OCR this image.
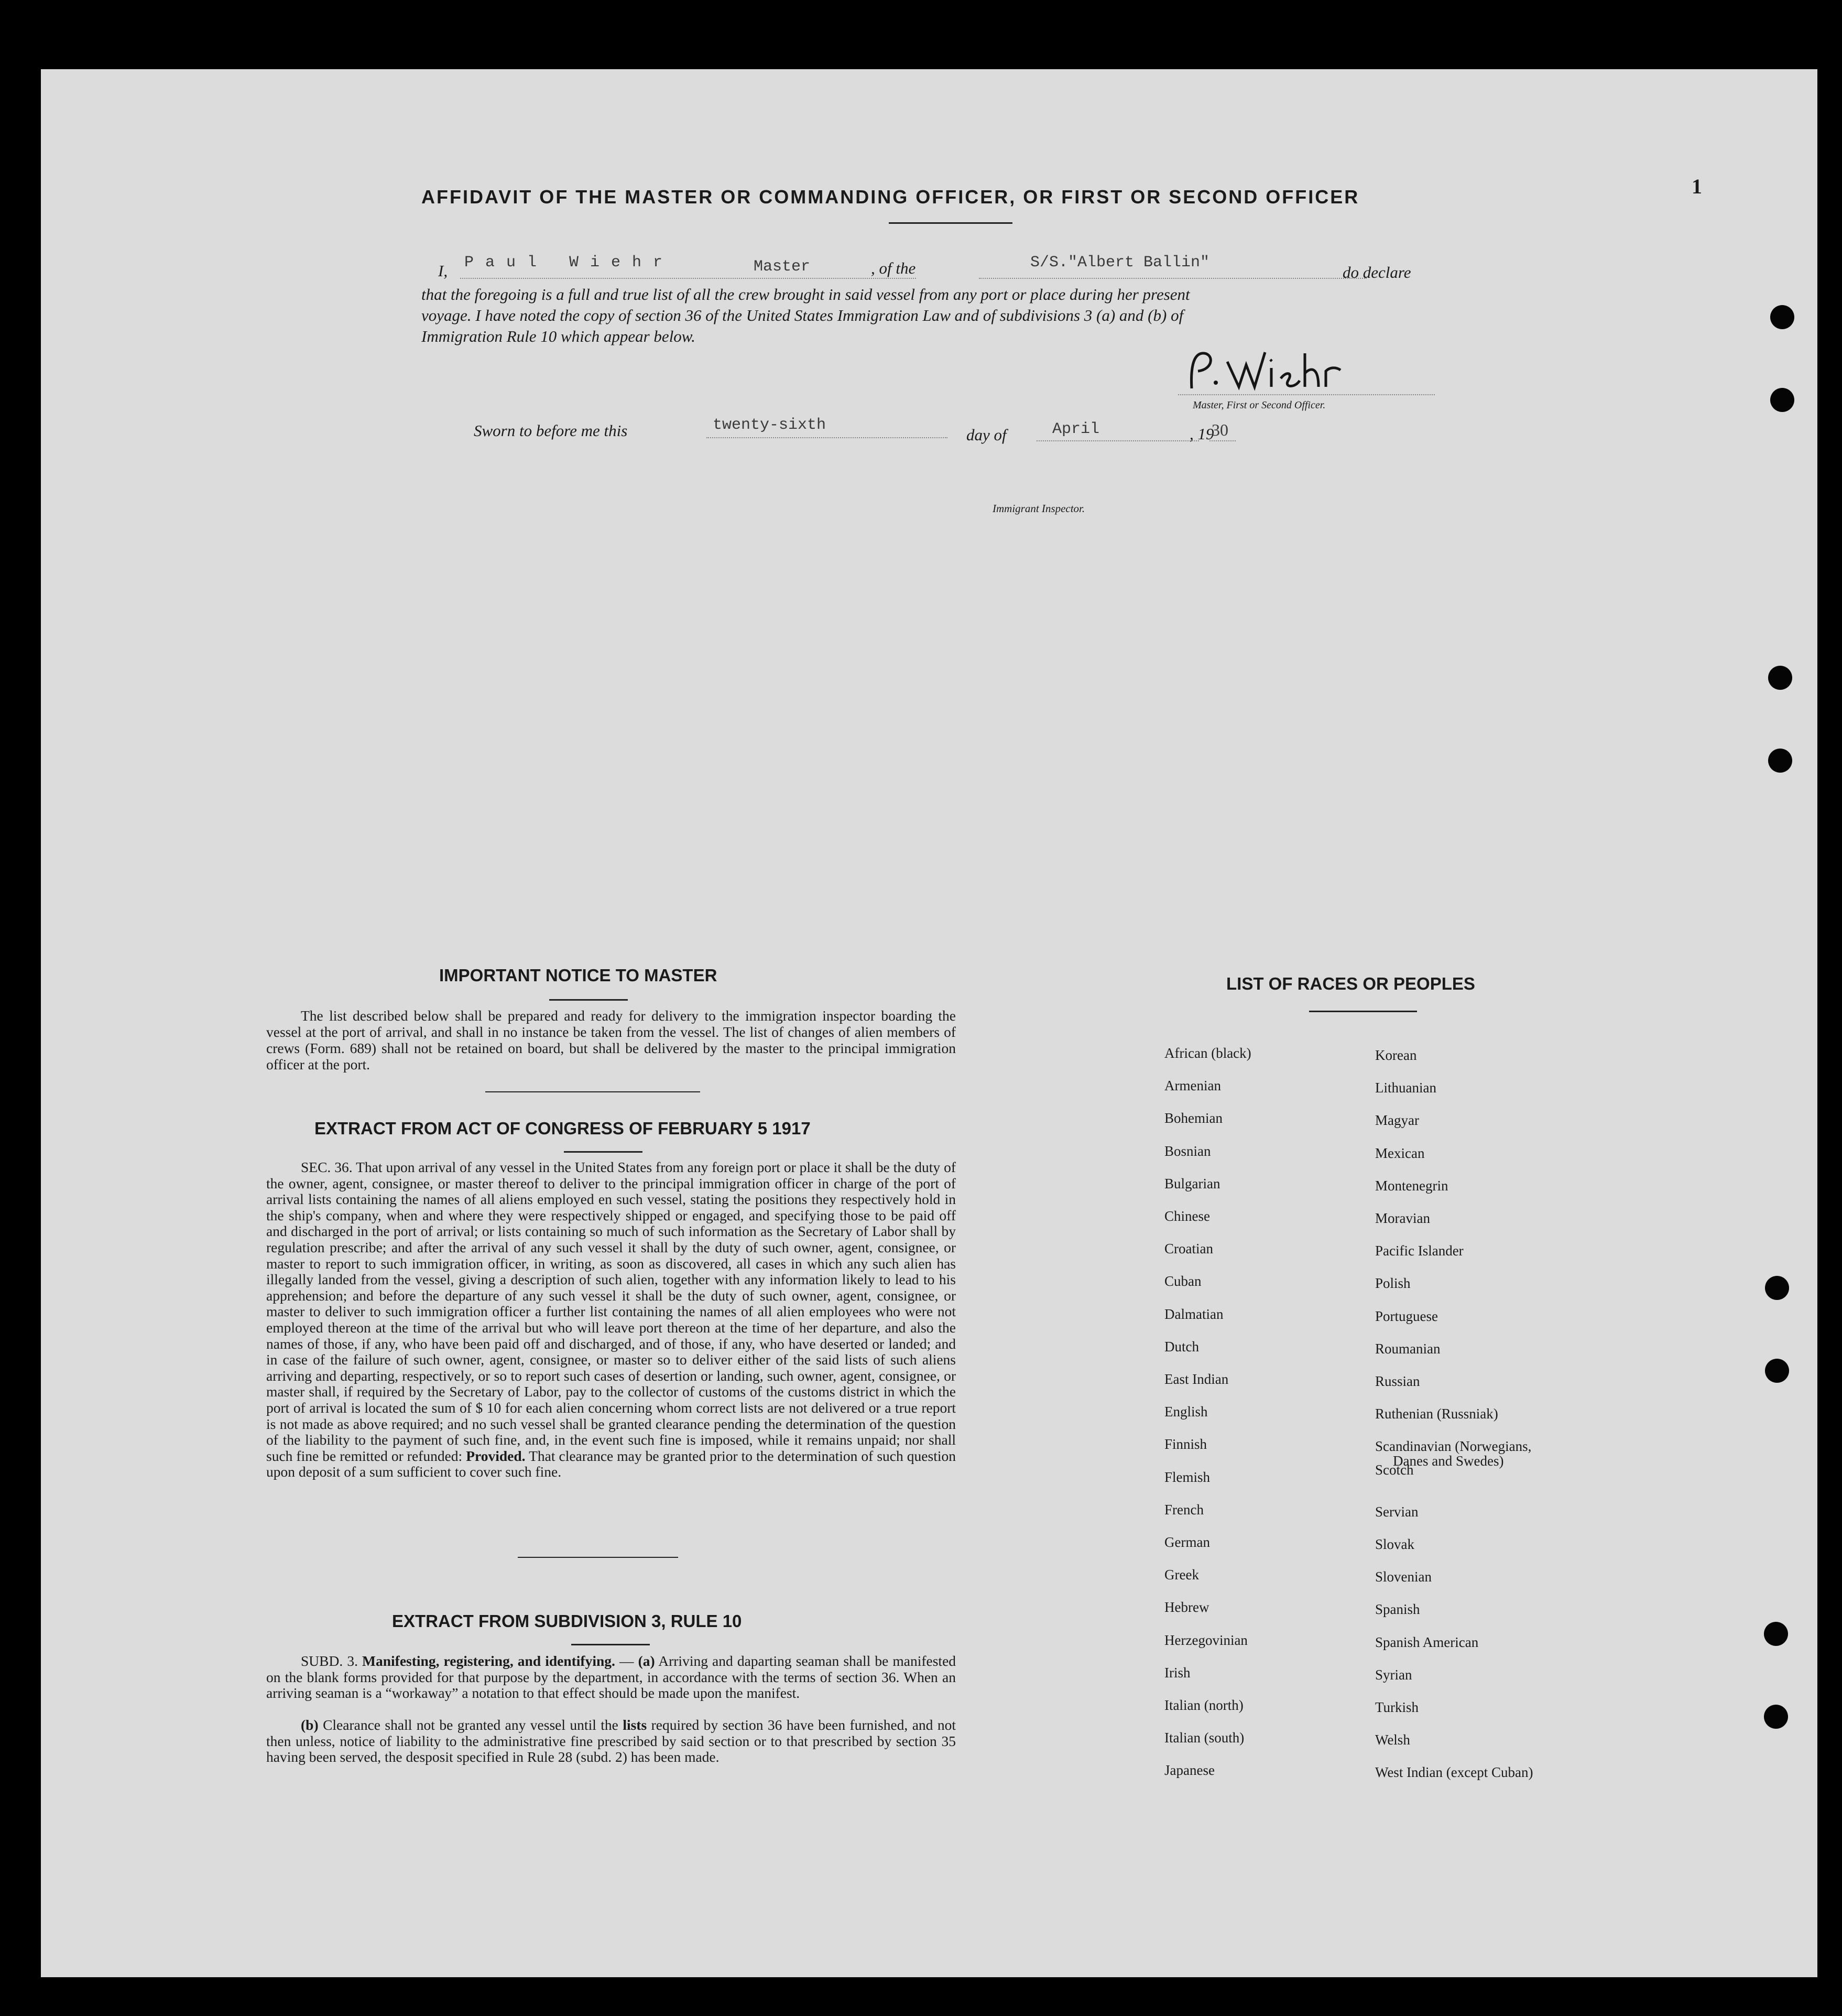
AFFIDAVIT OF THE MASTER OR COMMANDING OFFICER, OR FIRST OR SECOND OFFICER	1
I, Paul Wiehr	Master	, of the	S/S."Albert Ballin"
do declare
that the foregoing is a full and true list of all the crew brought in said vessel from any port or place during her present
voyage. I have noted the copy of section 36 of the United States Immigration Law and of subdivisions 3 (a) and (b) of
Immigration Rule 10 which appear below.
Master, First or Second Officer.
Sworn to before me this	twenty-sixth
day of	April	, 19
30
Immigrant Inspector.
IMPORTANT NOTICE TO MASTER
The list described below shall be prepared and ready for delivery to the immigration inspector boarding the vessel at the port of arrival, and shall in no instance be taken from the vessel. The list of changes of alien members of crews (Form. 689) shall not be retained on board, but shall be delivered by the master to the principal immigration officer at the port.
EXTRACT FROM ACT OF CONGRESS OF FEBRUARY 5 1917
SEC. 36. That upon arrival of any vessel in the United States from any foreign port or place it shall be the duty of the owner, agent, consignee, or master thereof to deliver to the principal immigration officer in charge of the port of arrival lists containing the names of all aliens employed en such vessel, stating the positions they respectively hold in the ship's company, when and where they were respectively shipped or engaged, and specifying those to be paid off and discharged in the port of arrival; or lists containing so much of such information as the Secretary of Labor shall by regulation prescribe; and after the arrival of any such vessel it shall by the duty of such owner, agent, consignee, or master to report to such immigration officer, in writing, as soon as discovered, all cases in which any such alien has illegally landed from the vessel, giving a description of such alien, together with any information likely to lead to his apprehension; and before the departure of any such vessel it shall be the duty of such owner, agent, consignee, or master to deliver to such immigration officer a further list containing the names of all alien employees who were not employed thereon at the time of the arrival but who will leave port thereon at the time of her departure, and also the names of those, if any, who have been paid off and discharged, and of those, if any, who have deserted or landed; and in case of the failure of such owner, agent, consignee, or master so to deliver either of the said lists of such aliens arriving and departing, respectively, or so to report such cases of desertion or landing, such owner, agent, consignee, or master shall, if required by the Secretary of Labor, pay to the collector of customs of the customs district in which the port of arrival is located the sum of $ 10 for each alien concerning whom correct lists are not delivered or a true report is not made as above required; and no such vessel shall be granted clearance pending the determination of the question of the liability to the payment of such fine, and, in the event such fine is imposed, while it remains unpaid; nor shall such fine be remitted or refunded: Provided. That clearance may be granted prior to the determination of such question upon deposit of a sum sufficient to cover such fine.
EXTRACT FROM SUBDIVISION 3, RULE 10
SUBD. 3. Manifesting, registering, and identifying. — (a) Arriving and daparting seaman shall be manifested on the blank forms provided for that purpose by the department, in accordance with the terms of section 36. When an arriving seaman is a “workaway” a notation to that effect should be made upon the manifest.
(b) Clearance shall not be granted any vessel until the lists required by section 36 have been furnished, and not then unless, notice of liability to the administrative fine prescribed by said section or to that prescribed by section 35 having been served, the desposit specified in Rule 28 (subd. 2) has been made.
LIST OF RACES OR PEOPLES
African (black)
Armenian
Bohemian
Bosnian
Bulgarian
Chinese
Croatian
Cuban
Dalmatian
Dutch
East Indian
English
Finnish
Flemish
French
German
Greek
Hebrew
Herzegovinian
Irish
Italian (north)
Italian (south)
Japanese
Korean
Lithuanian
Magyar
Mexican
Montenegrin
Moravian
Pacific Islander
Polish
Portuguese
Roumanian
Russian
Ruthenian (Russniak)
Scandinavian (Norwegians,
Danes and Swedes)
Scotch
Servian
Slovak
Slovenian
Spanish
Spanish American
Syrian
Turkish
Welsh
West Indian (except Cuban)
